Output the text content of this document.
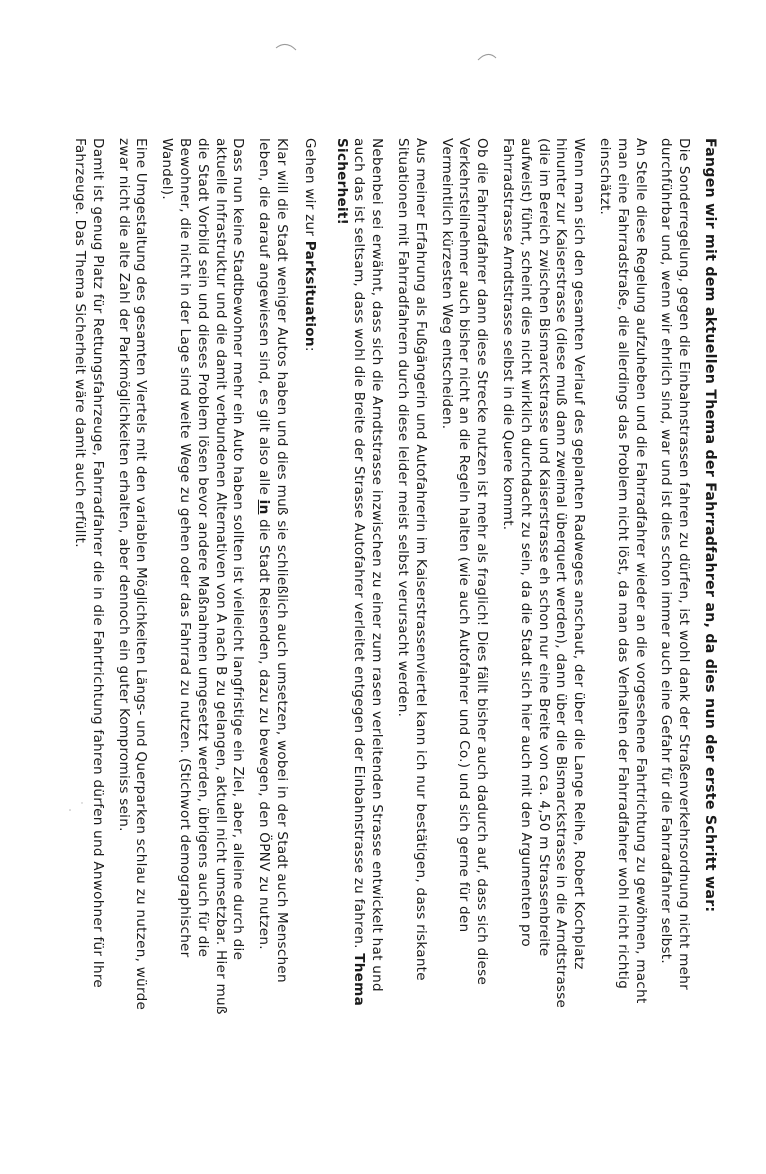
Fangen wir mit dem aktuellen Thema der Fahrradfahrer an, da dies nun der erste Schritt war:

Die Sonderregelung, gegen die Einbahnstrassen fahren zu dürfen, ist wohl dank der Straßenverkehrsordnung nicht mehr durchführbar und, wenn wir ehrlich sind, war und ist dies schon immer auch eine Gefahr für die Fahrradfahrer selbst.

An Stelle diese Regelung aufzuheben und die Fahrradfahrer wieder an die vorgesehene Fahrtrichtung zu gewöhnen, macht man eine Fahrradstraße, die allerdings das Problem nicht löst, da man das Verhalten der Fahrradfahrer wohl nicht richtig einschätzt.

Wenn man sich den gesamten Verlauf des geplanten Radweges anschaut, der über die Lange Reihe, Robert Kochplatz hinunter zur Kaiserstrasse (diese muß dann zweimal überquert werden), dann über die Bismarckstrasse in die Arndtstrasse (die im Bereich zwischen Bismarckstrasse und Kaiserstrasse eh schon nur eine Breite von ca. 4,50 m Strassenbreite aufweist) führt, scheint dies nicht wirklich durchdacht zu sein, da die Stadt sich hier auch mit den Argumenten pro Fahrradstrasse Arndtstrasse selbst in die Quere kommt.

Ob die Fahrradfahrer dann diese Strecke nutzen ist mehr als fraglich! Dies fällt bisher auch dadurch auf, dass sich diese Verkehrsteilnehmer auch bisher nicht an die Regeln halten (wie auch Autofahrer und Co.) und sich gerne für den Vermeintlich kürzesten Weg entscheiden.

Aus meiner Erfahrung als Fußgängerin und Autofahrerin im Kaiserstrassenviertel kann ich nur bestätigen, dass riskante Situationen mit Fahrradfahrern durch diese leider meist selbst verursacht werden.

Nebenbei sei erwähnt, dass sich die Arndtstrasse inzwischen zu einer zum rasen verleitenden Strasse entwickelt hat und auch das ist seltsam, dass wohl die Breite der Strasse Autofahrer verleitet entgegen der Einbahnstrasse zu fahren. Thema Sicherheit!

Gehen wir zur Parksituation:

Klar will die Stadt weniger Autos haben und dies muß sie schließlich auch umsetzen, wobei in der Stadt auch Menschen leben, die darauf angewiesen sind, es gilt also alle in die Stadt Reisenden, dazu zu bewegen, den ÖPNV zu nutzen.

Dass nun keine Stadtbewohner mehr ein Auto haben sollten ist vielleicht langfristige ein Ziel, aber, alleine durch die aktuelle Infrastruktur und die damit verbundenen Alternativen von A nach B zu gelangen, aktuell nicht umsetzbar. Hier muß die Stadt Vorbild sein und dieses Problem lösen bevor andere Maßnahmen umgesetzt werden, übrigens auch für die Bewohner, die nicht in der Lage sind weite Wege zu gehen oder das Fahrrad zu nutzen. (Stichwort demographischer Wandel).

Eine Umgestaltung des gesamten Viertels mit den variablen Möglichkeiten Längs- und Querparken schlau zu nutzen, würde zwar nicht die alte Zahl der Parkmöglichkeiten erhalten, aber dennoch ein guter Kompromiss sein.

Damit ist genug Platz für Rettungsfahrzeuge, Fahrradfahrer die in die Fahrtrichtung fahren dürfen und Anwohner für Ihre Fahrzeuge. Das Thema Sicherheit wäre damit auch erfüllt.
